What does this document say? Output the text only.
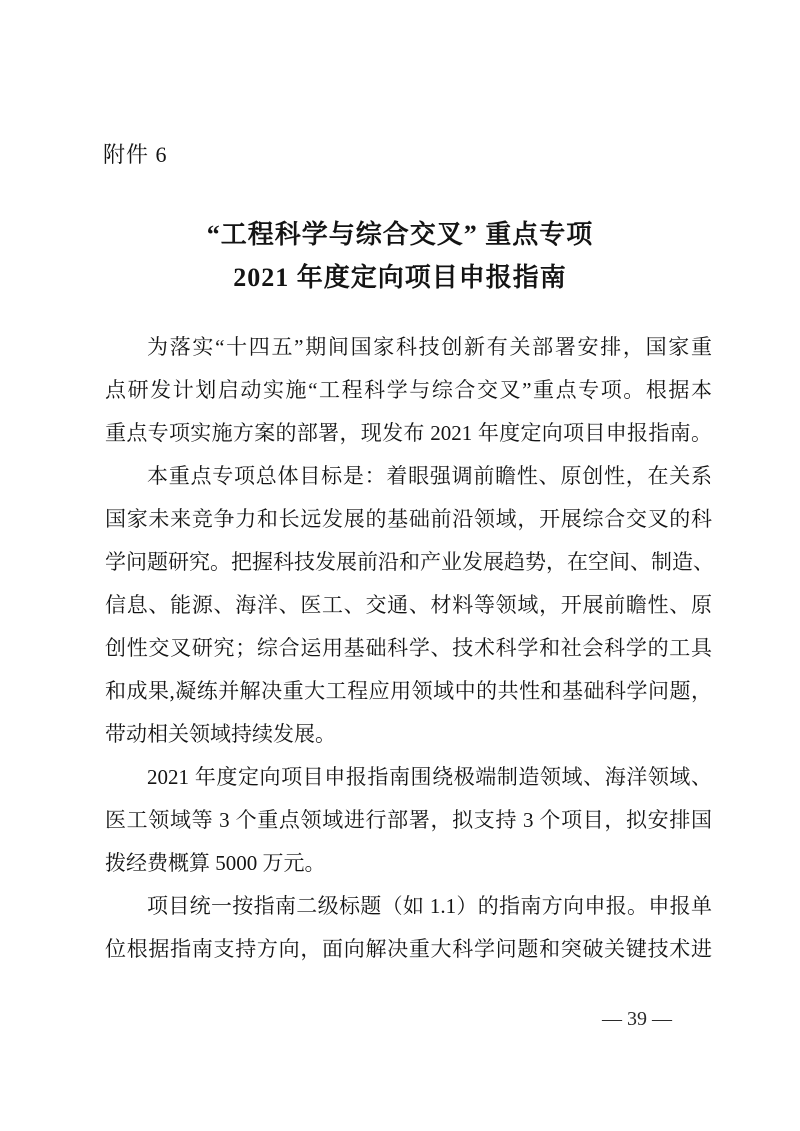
附件 6
“工程科学与综合交叉” 重点专项
2021 年度定向项目申报指南
为落实“十四五”期间国家科技创新有关部署安排，国家重
点研发计划启动实施“工程科学与综合交叉”重点专项。根据本
重点专项实施方案的部署，现发布 2021 年度定向项目申报指南。
本重点专项总体目标是：着眼强调前瞻性、原创性，在关系
国家未来竞争力和长远发展的基础前沿领域，开展综合交叉的科
学问题研究。把握科技发展前沿和产业发展趋势，在空间、制造、
信息、能源、海洋、医工、交通、材料等领域，开展前瞻性、原
创性交叉研究；综合运用基础科学、技术科学和社会科学的工具
和成果,凝练并解决重大工程应用领域中的共性和基础科学问题，
带动相关领域持续发展。
2021 年度定向项目申报指南围绕极端制造领域、海洋领域、
医工领域等 3 个重点领域进行部署，拟支持 3 个项目，拟安排国
拨经费概算 5000 万元。
项目统一按指南二级标题（如 1.1）的指南方向申报。申报单
位根据指南支持方向，面向解决重大科学问题和突破关键技术进
— 39 —
